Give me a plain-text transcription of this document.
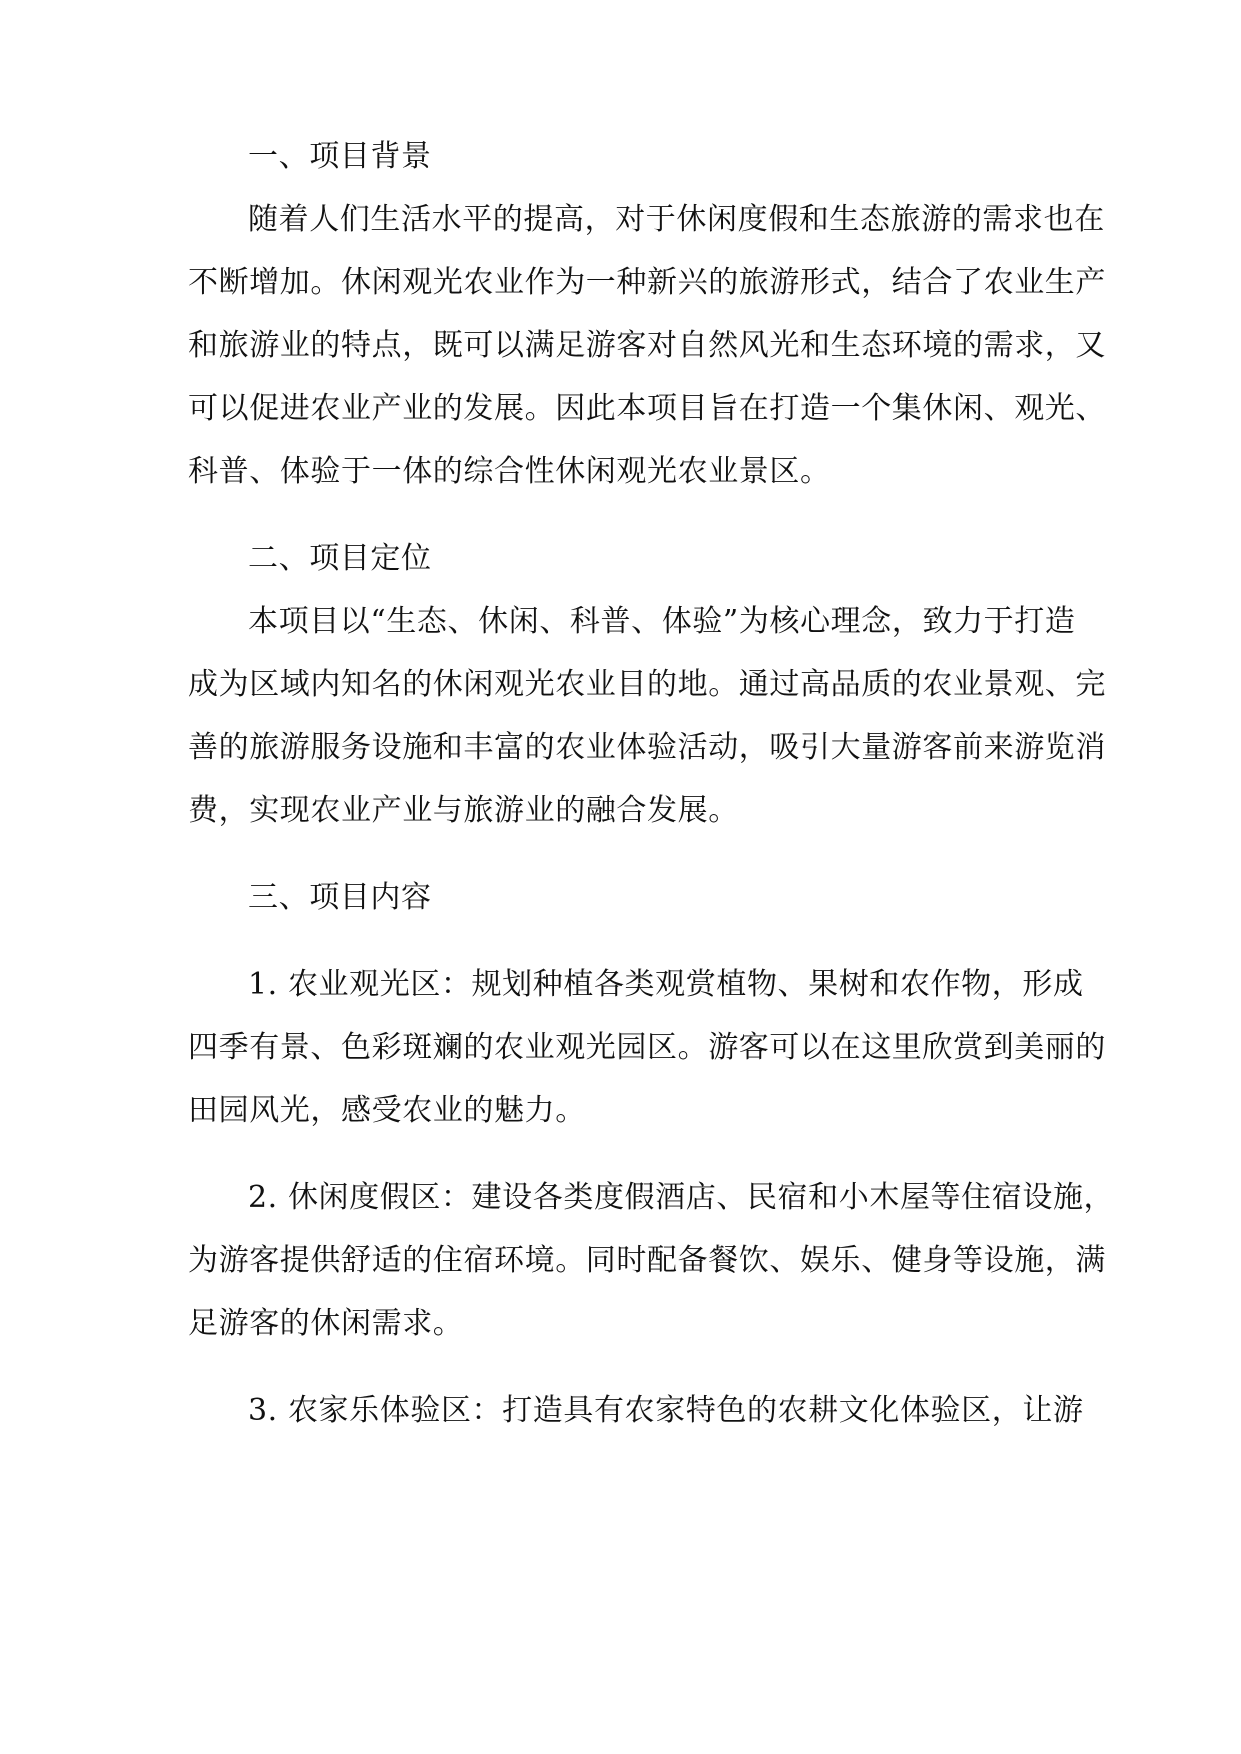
一、项目背景
随着人们生活水平的提高，对于休闲度假和生态旅游的需求也在
不断增加。休闲观光农业作为一种新兴的旅游形式，结合了农业生产
和旅游业的特点，既可以满足游客对自然风光和生态环境的需求，又
可以促进农业产业的发展。因此本项目旨在打造一个集休闲、观光、
科普、体验于一体的综合性休闲观光农业景区。
二、项目定位
本项目以“生态、休闲、科普、体验”为核心理念，致力于打造
成为区域内知名的休闲观光农业目的地。通过高品质的农业景观、完
善的旅游服务设施和丰富的农业体验活动，吸引大量游客前来游览消
费，实现农业产业与旅游业的融合发展。
三、项目内容
1. 农业观光区：规划种植各类观赏植物、果树和农作物，形成
四季有景、色彩斑斓的农业观光园区。游客可以在这里欣赏到美丽的
田园风光，感受农业的魅力。
2. 休闲度假区：建设各类度假酒店、民宿和小木屋等住宿设施，
为游客提供舒适的住宿环境。同时配备餐饮、娱乐、健身等设施，满
足游客的休闲需求。
3. 农家乐体验区：打造具有农家特色的农耕文化体验区，让游
